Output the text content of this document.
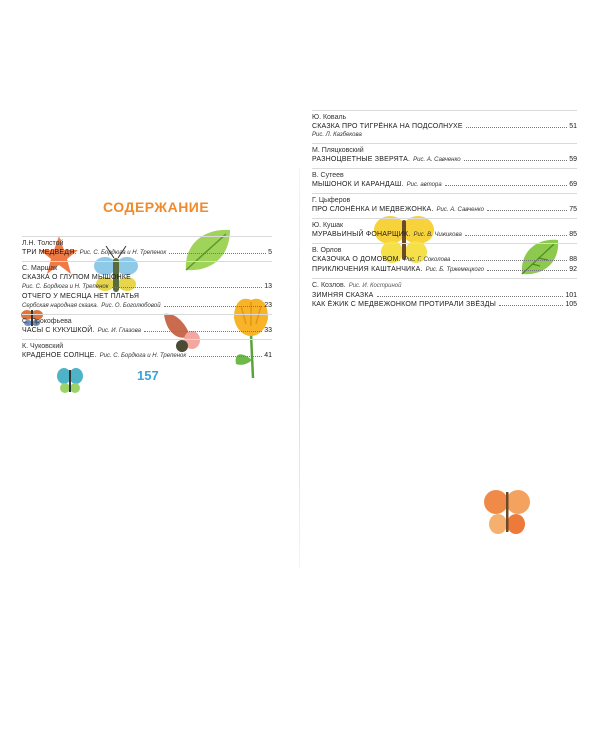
СОДЕРЖАНИЕ
Л.Н. Толстой
ТРИ МЕДВЕДЯ. Рис. С. Бордюга и Н. Трепенок	5
С. Маршак
СКАЗКА О ГЛУПОМ МЫШОНКЕ
Рис. С. Бордюга и Н. Трепенок	13
ОТЧЕГО У МЕСЯЦА НЕТ ПЛАТЬЯ
Сербская народная сказка. Рис. О. Боголюбовой	23
С. Прокофьева
ЧАСЫ С КУКУШКОЙ. Рис. И. Глазова	33
К. Чуковский
КРАДЕНОЕ СОЛНЦЕ. Рис. С. Бордюга и Н. Трепенок	41
157
Ю. Коваль
СКАЗКА ПРО ТИГРЁНКА НА ПОДСОЛНУХЕ	51
Рис. Л. Казбекова
М. Пляцковский
РАЗНОЦВЕТНЫЕ ЗВЕРЯТА. Рис. А. Савченко	59
В. Сутеев
МЫШОНОК И КАРАНДАШ. Рис. автора	69
Г. Цыферов
ПРО СЛОНЁНКА И МЕДВЕЖОНКА. Рис. А. Савченко	75
Ю. Кушак
МУРАВЬИНЫЙ ФОНАРЩИК. Рис. В. Чижикова	85
В. Орлов
СКАЗОЧКА О ДОМОВОМ. Рис. Г. Соколова	88
ПРИКЛЮЧЕНИЯ КАШТАНЧИКА. Рис. Б. Тржемецкого	92
С. Козлов. Рис. И. Костриной
ЗИМНЯЯ СКАЗКА	101
КАК ЁЖИК С МЕДВЕЖОНКОМ ПРОТИРАЛИ ЗВЁЗДЫ	105
